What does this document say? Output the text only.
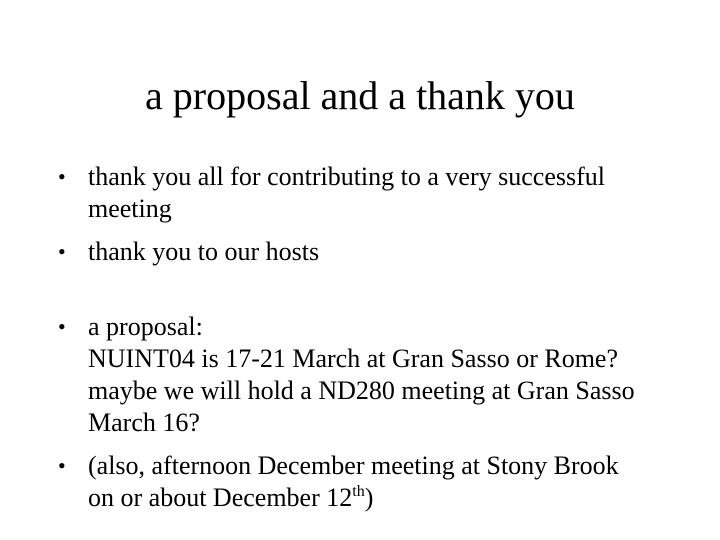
a proposal and a thank you
• thank you all for contributing to a very successful
meeting
• thank you to our hosts
• a proposal:
NUINT04 is 17-21 March at Gran Sasso or Rome?
maybe we will hold a ND280 meeting at Gran Sasso
March 16?
• (also, afternoon December meeting at Stony Brook
on or about December 12th)
